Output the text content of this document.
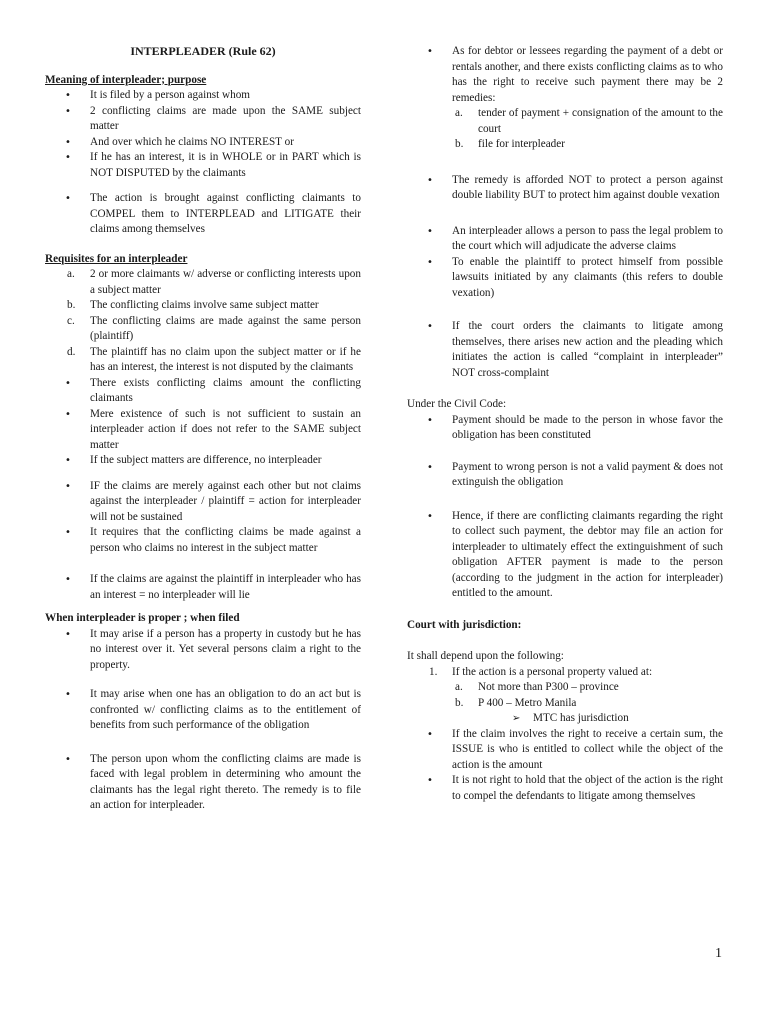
INTERPLEADER (Rule 62)

Meaning of interpleader; purpose

• It is filed by a person against whom
• 2 conflicting claims are made upon the SAME subject matter
• And over which he claims NO INTEREST or
• If he has an interest, it is in WHOLE or in PART which is NOT DISPUTED by the claimants
• The action is brought against conflicting claimants to COMPEL them to INTERPLEAD and LITIGATE their claims among themselves

Requisites for an interpleader

a. 2 or more claimants w/ adverse or conflicting interests upon a subject matter
b. The conflicting claims involve same subject matter
c. The conflicting claims are made against the same person (plaintiff)
d. The plaintiff has no claim upon the subject matter or if he has an interest, the interest is not disputed by the claimants
• There exists conflicting claims amount the conflicting claimants
• Mere existence of such is not sufficient to sustain an interpleader action if does not refer to the SAME subject matter
• If the subject matters are difference, no interpleader
• IF the claims are merely against each other but not claims against the interpleader / plaintiff = action for interpleader will not be sustained
• It requires that the conflicting claims be made against a person who claims no interest in the subject matter
• If the claims are against the plaintiff in interpleader who has an interest = no interpleader will lie

When interpleader is proper ; when filed

• It may arise if a person has a property in custody but he has no interest over it. Yet several persons claim a right to the property.
• It may arise when one has an obligation to do an act but is confronted w/ conflicting claims as to the entitlement of benefits from such performance of the obligation
• The person upon whom the conflicting claims are made is faced with legal problem in determining who amount the claimants has the legal right thereto. The remedy is to file an action for interpleader.
• As for debtor or lessees regarding the payment of a debt or rentals another, and there exists conflicting claims as to who has the right to receive such payment there may be 2 remedies:
a. tender of payment + consignation of the amount to the court
b. file for interpleader
• The remedy is afforded NOT to protect a person against double liability BUT to protect him against double vexation
• An interpleader allows a person to pass the legal problem to the court which will adjudicate the adverse claims
• To enable the plaintiff to protect himself from possible lawsuits initiated by any claimants (this refers to double vexation)
• If the court orders the claimants to litigate among themselves, there arises new action and the pleading which initiates the action is called “complaint in interpleader” NOT cross-complaint

Under the Civil Code:

• Payment should be made to the person in whose favor the obligation has been constituted
• Payment to wrong person is not a valid payment & does not extinguish the obligation
• Hence, if there are conflicting claimants regarding the right to collect such payment, the debtor may file an action for interpleader to ultimately effect the extinguishment of such obligation AFTER payment is made to the person (according to the judgment in the action for interpleader) entitled to the amount.

Court with jurisdiction:

It shall depend upon the following:

1. If the action is a personal property valued at:
a. Not more than P300 – province
b. P 400 – Metro Manila
➢ MTC has jurisdiction
• If the claim involves the right to receive a certain sum, the ISSUE is who is entitled to collect while the object of the action is the amount
• It is not right to hold that the object of the action is the right to compel the defendants to litigate among themselves
1
